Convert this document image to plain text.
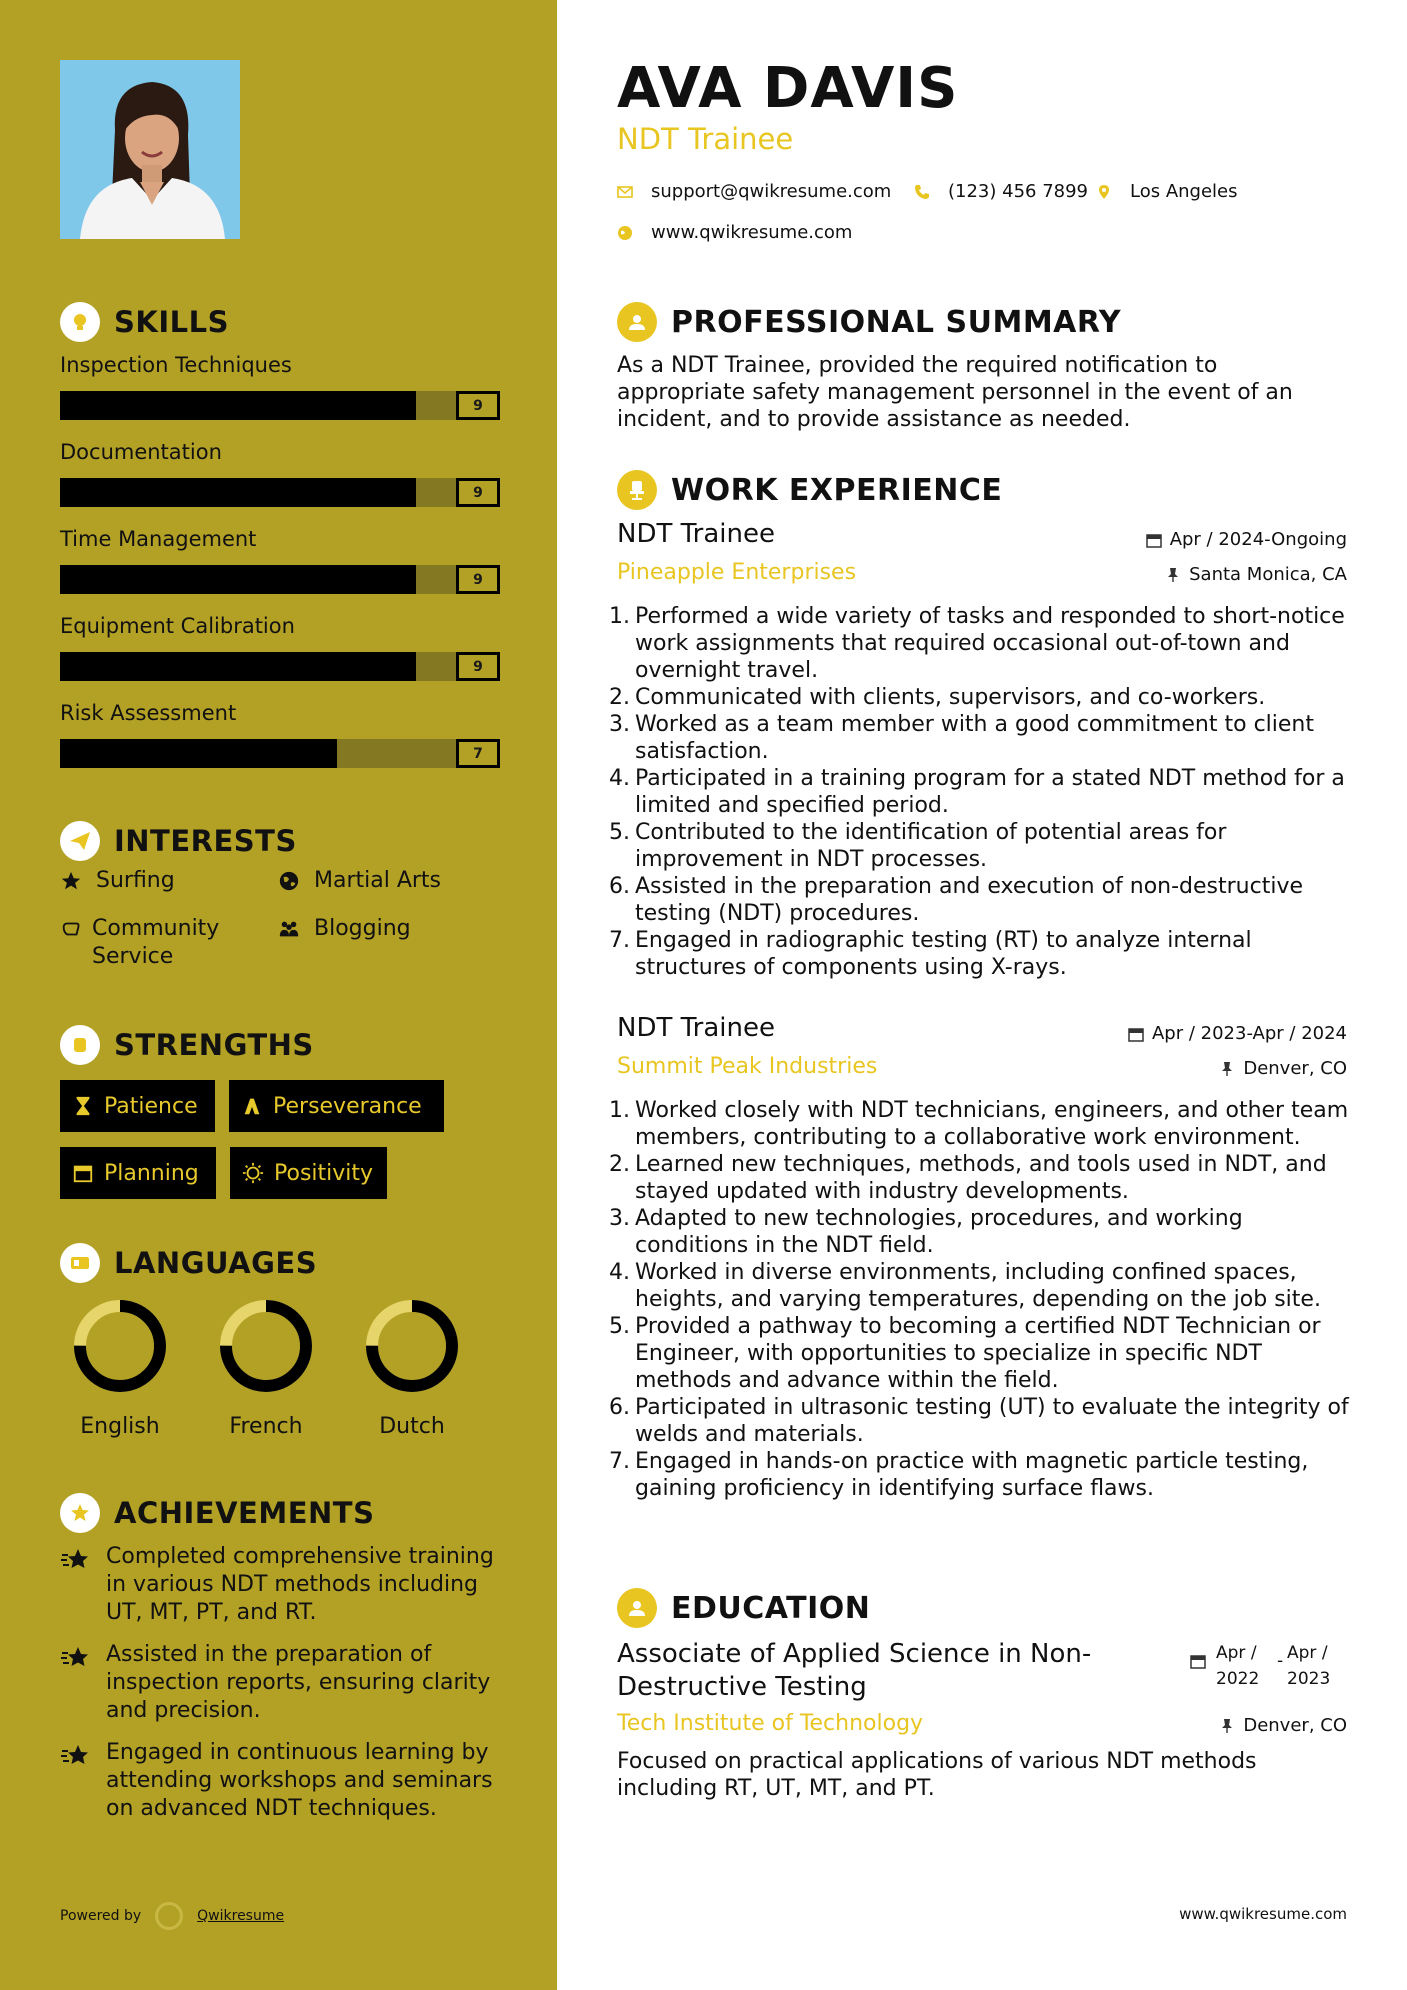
SKILLS
Inspection Techniques
9
Documentation
9
Time Management
9
Equipment Calibration
9
Risk Assessment
7
INTERESTS
Surfing	Martial Arts
Community Service
Blogging
STRENGTHS
Patience	Perseverance
Planning	Positivity
LANGUAGES
English	French	Dutch
ACHIEVEMENTS
Completed comprehensive training in various NDT methods including UT, MT, PT, and RT.
Assisted in the preparation of inspection reports, ensuring clarity and precision.
Engaged in continuous learning by attending workshops and seminars on advanced NDT techniques.
Powered by	Qwikresume
AVA DAVIS
NDT Trainee
support@qwikresume.com	(123) 456 7899 Los Angeles
www.qwikresume.com
PROFESSIONAL SUMMARY
As a NDT Trainee, provided the required notification to appropriate safety management personnel in the event of an incident, and to provide assistance as needed.
WORK EXPERIENCE
NDT Trainee	Apr / 2024-Ongoing
Pineapple Enterprises	Santa Monica, CA
Performed a wide variety of tasks and responded to short-notice work assignments that required occasional out-of-town and overnight travel.
Communicated with clients, supervisors, and co-workers.
Worked as a team member with a good commitment to client satisfaction.
Participated in a training program for a stated NDT method for a limited and specified period.
Contributed to the identification of potential areas for improvement in NDT processes.
Assisted in the preparation and execution of non-destructive testing (NDT) procedures.
Engaged in radiographic testing (RT) to analyze internal structures of components using X-rays.
NDT Trainee	Apr / 2023-Apr / 2024
Summit Peak Industries	Denver, CO
Worked closely with NDT technicians, engineers, and other team members, contributing to a collaborative work environment.
Learned new techniques, methods, and tools used in NDT, and stayed updated with industry developments.
Adapted to new technologies, procedures, and working conditions in the NDT field.
Worked in diverse environments, including confined spaces, heights, and varying temperatures, depending on the job site.
Provided a pathway to becoming a certified NDT Technician or Engineer, with opportunities to specialize in specific NDT methods and advance within the field.
Participated in ultrasonic testing (UT) to evaluate the integrity of welds and materials.
Engaged in hands-on practice with magnetic particle testing, gaining proficiency in identifying surface flaws.
EDUCATION
Associate of Applied Science in Non-Destructive Testing
Apr / 2022
- Apr / 2023
Tech Institute of Technology	Denver, CO
Focused on practical applications of various NDT methods including RT, UT, MT, and PT.
www.qwikresume.com
